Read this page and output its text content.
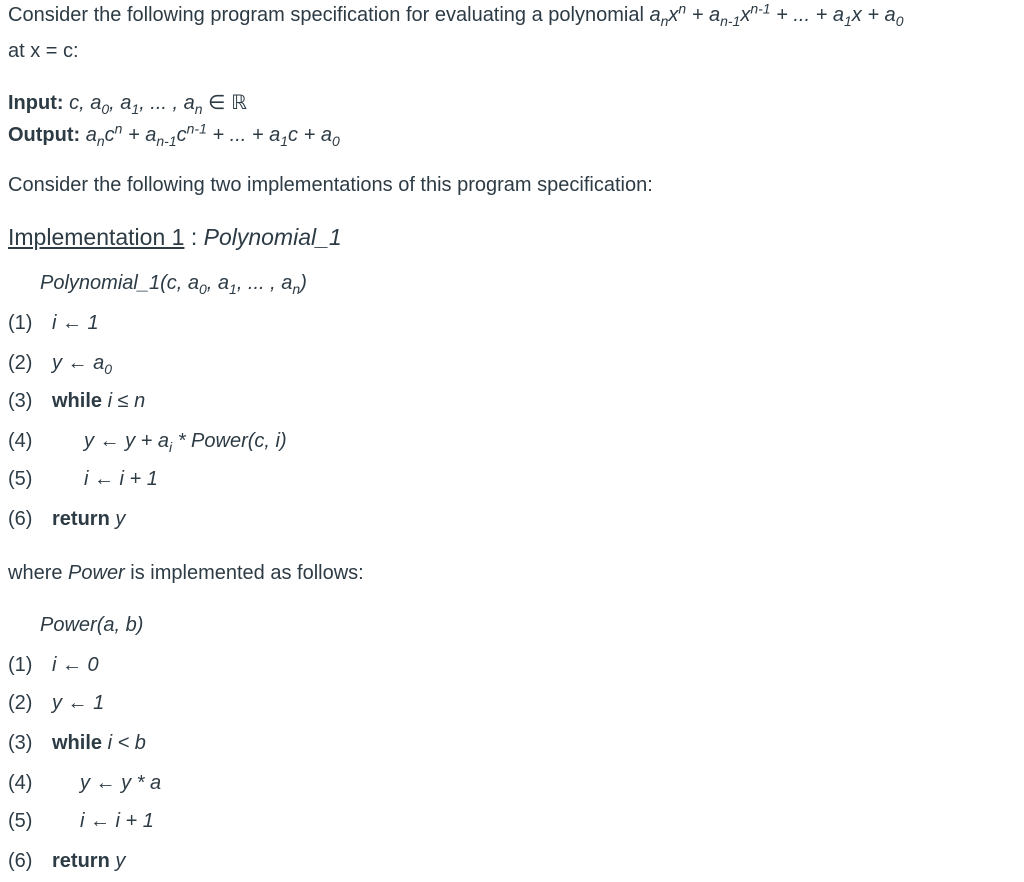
Consider the following program specification for evaluating a polynomial $a_nx^n + a_{n-1}x^{n-1}$ + ... + $a_1x + a_0$
at x = c:
Input: c, $a_0$, $a_1$, ... , $a_n$ ∈ ℝ
Output: $a_nc^n + a_{n-1}c^{n-1}$ + ... + $a_1c + a_0$
Consider the following two implementations of this program specification:
Implementation 1 : Polynomial_1
Polynomial_1(c, $a_0$, $a_1$, ... , $a_n$)
(1) i ← 1
(2) y ← $a_0$
(3) while i ≤ n
(4)	y ← $y + a_i$ * Power(c, i)
(5)	i ← i + 1
(6) return y
where Power is implemented as follows:
Power(a, b)
(1) i ← 0
(2) y ← 1
(3) while i < b
(4) y ← y * a
(5) i ← i + 1
(6) return y
